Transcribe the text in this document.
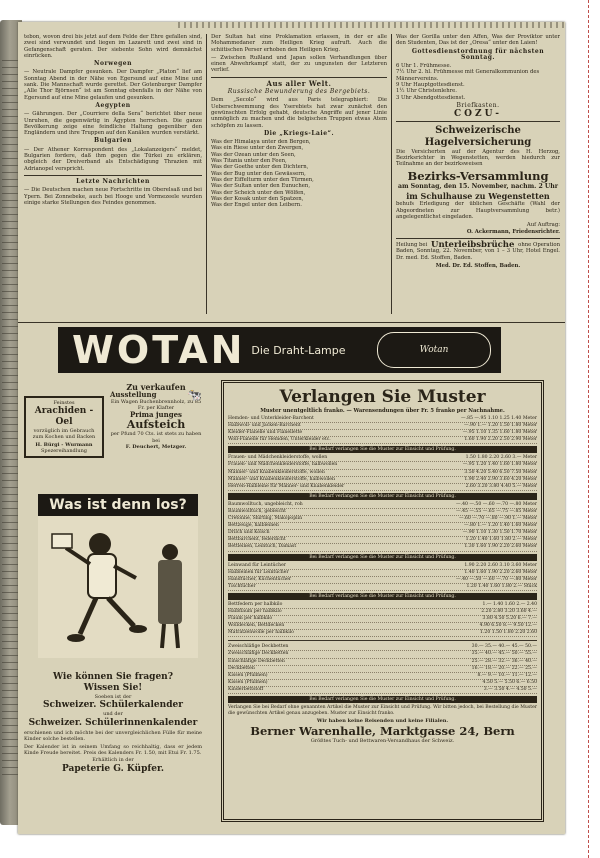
tebon, wovon drei bis jetzt auf dem Felde der Ehre gefallen sind, zwei sind verwundet und liegen im Lazarett und zwei sind in Gefangenschaft geraten. Der siebente Sohn wird demnächst einrücken.

Norwegen

— Neutrale Dampfer gesunken. Der Dampfer „Platon“ lief am Sonntag Abend in der Nähe von Egersund auf eine Mine und sank. Die Mannschaft wurde gerettet. Der Gotenburger Dampfer „Alle Thor Björnsen“ ist am Sonntag ebenfalls in der Nähe von Egersund auf eine Mine gelaufen und gesunken.

Aegypten

— Gährungen. Der „Courriere della Sera“ berichtet über neue Unruhen, die gegenwärtig in Ägypten herrschen. Die ganze Bevölkerung zeige eine feindliche Haltung gegenüber den Engländern und ihre Truppen auf den Kanälen wurden verstärkt.

Bulgarien

— Der Athener Korrespondent des „Lokalanzeigers“ meldet, Bulgarien fordere, daß ihm gegen die Türkei zu erklären, obgleich der Dreiverband als Entschädigung Thrazien mit Adrianopel verspricht.

Letzte Nachrichten

— Die Deutschen machen neue Fortschritte im Oberelsaß und bei Ypern. Bei Zonnebeke, auch bei Hooge und Vormezeele wurden einige starke Stellungen des Feindes genommen.

Der Sultan hat eine Proklamation erlassen, in der er alle Mohammedaner zum Heiligen Krieg aufruft. Auch die schiitischen Perser erhoben den Heiligen Krieg.

— Zwischen Rußland und Japan sollen Verhandlungen über einen Abwehrkampf statt, der zu ungunsten der Letzteren verlief.

Aus aller Welt.
Russische Bewunderung des Bergebiets.

Dem „Secolo“ wird aus Paris telegraphiert: Die Ueberschwemmung des Yserebiets hat zwar zunächst den gewünschten Erfolg gehabt, deutsche Angriffe auf jener Linie unmöglich zu machen und die belgischen Truppen etwas Atem schöpfen zu lassen.

Die „Kriegs-Laie“.
Was der Himalaya unter den Bergen,
Was ein Riese unter den Zwergen,
Was der Ozean unter den Seen,
Was Titania unter den Feen,
Was der Goethe unter den Dichtern,
Was der Bug unter den Gewässern,
Was der Eiffelturm unter den Türmen,
Was der Sultan unter den Eunuchen,
Was der Scheich unter den Wölfen,
Was der Kosak unter den Spatzen,
Was der Engel unter den Leibern.

Was der Gorilla unter den Affen, Was der Proviktor unter den Studenten, Das ist der „Oresa“ unter den Laien!

Gottesdienstordnung für nächsten Sonntag.
6 Uhr 1. Frühmesse.
7½ Uhr 2. hl. Frühmesse mit Generalkommunion des Männervereins.
9 Uhr Hauptgottesdienst.
1½ Uhr Christenlehre.
3 Uhr Abendgottesdienst.
Briefkasten.
COZU-
Schweizerische Hagelversicherung

Die Versicherten auf der Agentur des H. Herzog, Bezirksrichter in Wegenstetten, werden hiedurch zur Teilnahme an der bezirksweisen

Bezirks-Versammlung
am Sonntag, den 15. November, nachm. 2 Uhr
im Schulhause zu Wegenstetten

behufs Erledigung der üblichen Geschäfte (Wahl der Abgeordneten zur Hauptversammlung betr.) angelegentlichst eingeladen.

Auf Auftrag:
O. Ackermann, Friedensrichter.
Heilung bei Unterleibsbrüche ohne Operation

Baden, Sonntag, 22. November, von 1 – 3 Uhr, Hotel Engel. Dr. med. Ed. Stoffen, Baden.

Med. Dr. Ed. Stoffen, Baden.
WOTAN Die Draht-Lampe	Wotan
Feinstes
Arachiden - Oel
vorzüglich im Gebrauch zum Kochen und Backen
H. Bürgi - Wurmann
Spezereihandlung
Zu verkaufen
Ausstellung	🐄
Ein Wagen Buchenbrennholz, zu 85 Fr. per Klafter
Prima junges
Aufsteich
per Pfund 70 Cts. ist stets zu haben bei
F. Deuchert, Metzger.
Was ist denn los?
Wie können Sie fragen?
Wissen Sie!
Soeben ist der
Schweizer. Schülerkalender
und der
Schweizer. Schülerinnenkalender

erschienen und ich möchte bei der unvergleichlichen Fülle für meine Kinder solche bestellen.

Der Kalender ist in seinem Umfang so reichhaltig, dass er jedem Kinde Freude bereitet. Preis des Kalenders Fr. 1.50, mit Etui Fr. 1.75.

Erhältlich in der
Papeterie G. Küpfer.
Verlangen Sie Muster
Muster unentgeltlich franko. — Warensendungen über Fr. 5 franko per Nachnahme.
Hemden- und Unterkleider-Barchent	—.85 —.95 1.10 1.25 1.40 Meter
Halbwoll- und Jacken-Barchent	—.90 1.— 1.20 1.50 1.80 Meter
Kleider-Flanelle und Flanellette	—.95 1.10 1.35 1.60 1.80 Meter
Woll-Flanelle für Hemden, Unterkleider etc.	1.60 1.90 2.20 2.50 2.90 Meter
Bei Bedarf verlangen Sie die Muster zur Einsicht und Prüfung.
Frauen- und Mädchenkleiderstoffe, wollen	1.50 1.80 2.20 2.60 3.— Meter
Frauen- und Mädchenkleiderstoffe, halbwollen	—.95 1.20 1.40 1.60 1.80 Meter
Männer- und Knabenkleiderstoffe, wollen	3.50 4.20 5.40 6.50 7.50 Meter
Männer- und Knabenkleiderstoffe, halbwollen	1.90 2.40 2.90 3.60 4.20 Meter
Herren-Halbleine für Männer- und Knabenkleider	2.60 3.20 3.80 4.40 5.— Meter
Bei Bedarf verlangen Sie die Muster zur Einsicht und Prüfung.
Baumwolltuch, ungebleicht, roh	—.40 —.50 —.60 —.70 —.80 Meter
Baumwolltuch, gebleicht	—.45 —.55 —.65 —.75 —.85 Meter
Cretonne, Shirting, Makopoplin	—.60 —.70 —.80 —.90 1.— Meter
Bettzeuge, halbleinen	—.80 1.— 1.20 1.40 1.60 Meter
Drilch und Kölsch	—.90 1.10 1.30 1.50 1.70 Meter
Bettbarchent, federdicht	1.20 1.40 1.60 1.80 2.— Meter
Bettleinen, Leintuch, Damast	1.30 1.60 1.90 2.20 2.60 Meter
Bei Bedarf verlangen Sie die Muster zur Einsicht und Prüfung.
Leinwand für Leintücher	1.90 2.20 2.60 3.10 3.60 Meter
Halbleinen für Leintücher	1.40 1.60 1.90 2.20 2.60 Meter
Handtücher, Küchentücher	—.40 —.50 —.60 —.70 —.80 Meter
Tischtücher	1.20 1.40 1.60 1.80 2.— Stück
Bei Bedarf verlangen Sie die Muster zur Einsicht und Prüfung.
Bettfedern per halbkilo	1.— 1.40 1.60 2.— 2.40
Halbflaum per halbkilo	2.20 2.80 3.20 3.60 4.—
Flaum per halbkilo	3.80 4.50 5.20 6.— 7.—
Wolldecken, Bettdecken	4.90 6.50 8.— 9.50 12.—
Matratzenwolle per halbkilo	1.20 1.50 1.80 2.20 2.60
Zweischläfige Deckbetten	30.— 35.— 40.— 45.— 50.—
Zweischläfige Deckbetten	35.— 40.— 45.— 50.— 55.—
Einschläfige Deckbetten	25.— 28.— 32.— 36.— 40.—
Deckbetten	16.— 18.— 20.— 22.— 25.—
Kissen (Pfulmen)	8.— 9.— 10.— 11.— 12.—
Kissen (Pfulmen)	4.50 5.— 5.50 6.— 6.50
Kinderbettstoff	3.— 3.50 4.— 4.50 5.—
Bei Bedarf verlangen Sie die Muster zur Einsicht und Prüfung.

Verlangen Sie bei Bedarf ohne genannten Artikel die Muster zur Einsicht und Prüfung. Wir bitten jedoch, bei Bestellung die Muster die gewünschten Artikel genau anzugeben. Muster zur Einsicht franko.

Wir haben keine Reisenden und keine Filialen.
Berner Warenhalle, Marktgasse 24, Bern
Größtes Tuch- und Bettwaren-Versandhaus der Schweiz.
